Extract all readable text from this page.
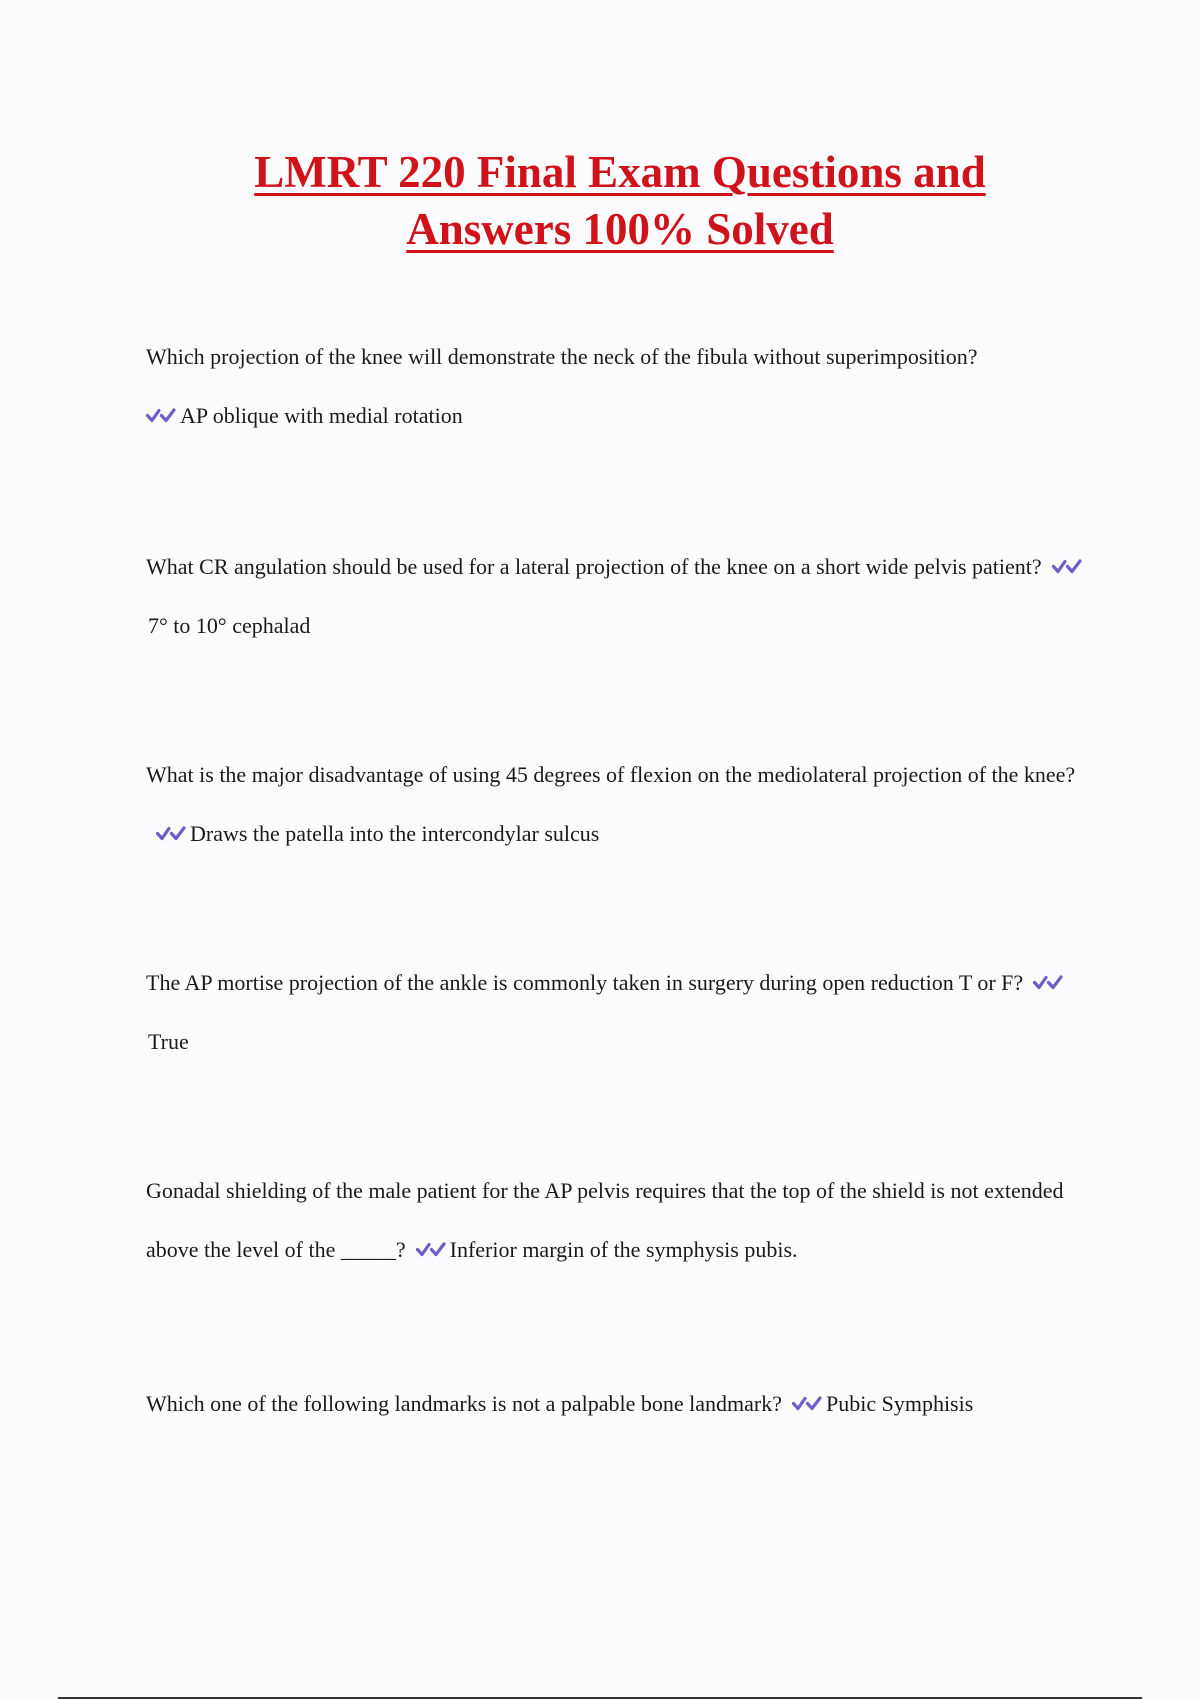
LMRT 220 Final Exam Questions and
Answers 100% Solved

Which projection of the knee will demonstrate the neck of the fibula without superimposition?

AP oblique with medial rotation

What CR angulation should be used for a lateral projection of the knee on a short wide pelvis patient?
7° to 10° cephalad

What is the major disadvantage of using 45 degrees of flexion on the mediolateral projection of the knee?
Draws the patella into the intercondylar sulcus

The AP mortise projection of the ankle is commonly taken in surgery during open reduction T or F?
True

Gonadal shielding of the male patient for the AP pelvis requires that the top of the shield is not extended above the level of the _____? Inferior margin of the symphysis pubis.

Which one of the following landmarks is not a palpable bone landmark? Pubic Symphisis
